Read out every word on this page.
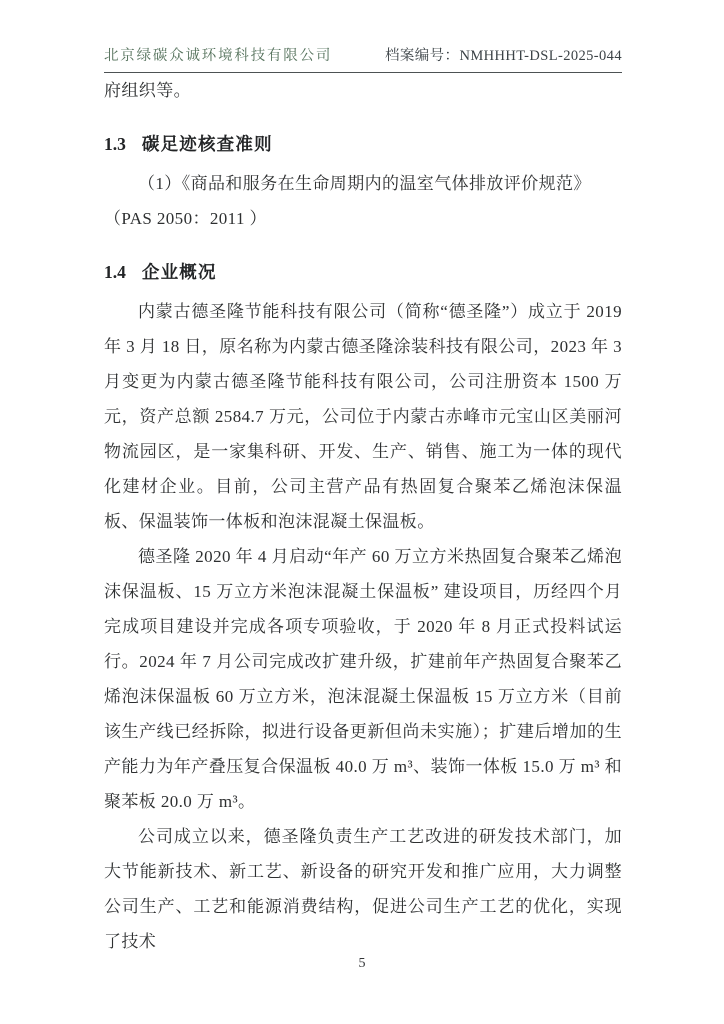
北京绿碳众诚环境科技有限公司	档案编号：NMHHHT-DSL-2025-044

府组织等。

1.3 碳足迹核查准则

（1）《商品和服务在生命周期内的温室气体排放评价规范》

（PAS 2050：2011 ）

1.4 企业概况

内蒙古德圣隆节能科技有限公司（简称“德圣隆”）成立于 2019 年 3 月 18 日，原名称为内蒙古德圣隆涂装科技有限公司，2023 年 3 月变更为内蒙古德圣隆节能科技有限公司，公司注册资本 1500 万元，资产总额 2584.7 万元，公司位于内蒙古赤峰市元宝山区美丽河物流园区，是一家集科研、开发、生产、销售、施工为一体的现代化建材企业。目前，公司主营产品有热固复合聚苯乙烯泡沫保温板、保温装饰一体板和泡沫混凝土保温板。

德圣隆 2020 年 4 月启动“年产 60 万立方米热固复合聚苯乙烯泡沫保温板、15 万立方米泡沫混凝土保温板” 建设项目，历经四个月完成项目建设并完成各项专项验收，于 2020 年 8 月正式投料试运行。2024 年 7 月公司完成改扩建升级，扩建前年产热固复合聚苯乙烯泡沫保温板 60 万立方米，泡沫混凝土保温板 15 万立方米（目前该生产线已经拆除，拟进行设备更新但尚未实施）；扩建后增加的生产能力为年产叠压复合保温板 40.0 万 m³、装饰一体板 15.0 万 m³ 和聚苯板 20.0 万 m³。

公司成立以来，德圣隆负责生产工艺改进的研发技术部门，加大节能新技术、新工艺、新设备的研究开发和推广应用，大力调整公司生产、工艺和能源消费结构，促进公司生产工艺的优化，实现了技术

5
